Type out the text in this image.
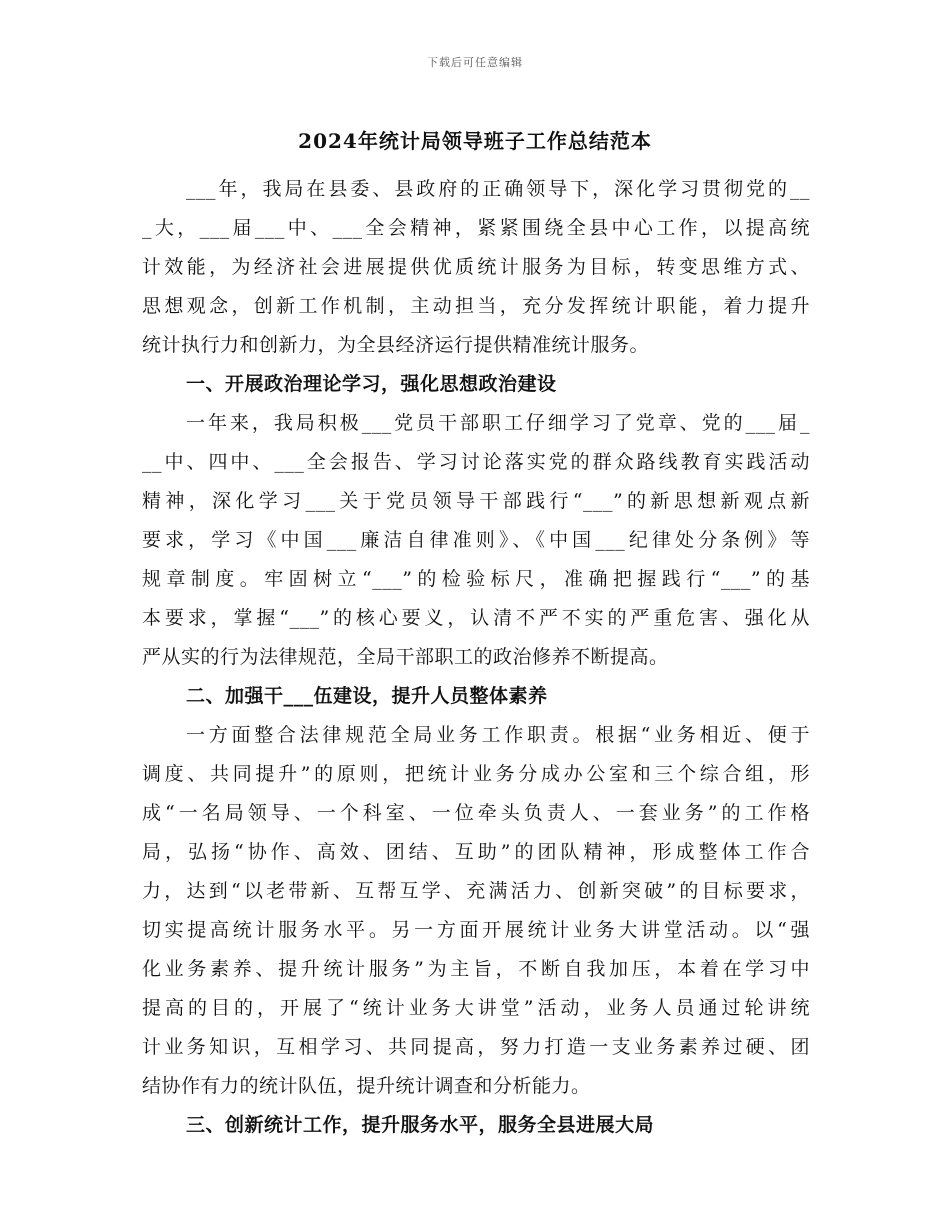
下载后可任意编辑
2024年统计局领导班子工作总结范本
___年，我局在县委、县政府的正确领导下，深化学习贯彻党的__
_大，___届___中、___全会精神，紧紧围绕全县中心工作，以提高统
计效能，为经济社会进展提供优质统计服务为目标，转变思维方式、
思想观念，创新工作机制，主动担当，充分发挥统计职能，着力提升
统计执行力和创新力，为全县经济运行提供精准统计服务。
一、开展政治理论学习，强化思想政治建设
一年来，我局积极___党员干部职工仔细学习了党章、党的___届_
__中、四中、___全会报告、学习讨论落实党的群众路线教育实践活动
精神，深化学习___关于党员领导干部践行“___”的新思想新观点新
要求，学习《中国___廉洁自律准则》、《中国___纪律处分条例》等
规章制度。牢固树立“___”的检验标尺，准确把握践行“___”的基
本要求，掌握“___”的核心要义，认清不严不实的严重危害、强化从
严从实的行为法律规范，全局干部职工的政治修养不断提高。
二、加强干___伍建设，提升人员整体素养
一方面整合法律规范全局业务工作职责。根据“业务相近、便于
调度、共同提升”的原则，把统计业务分成办公室和三个综合组，形
成“一名局领导、一个科室、一位牵头负责人、一套业务”的工作格
局，弘扬“协作、高效、团结、互助”的团队精神，形成整体工作合
力，达到“以老带新、互帮互学、充满活力、创新突破”的目标要求，
切实提高统计服务水平。另一方面开展统计业务大讲堂活动。以“强
化业务素养、提升统计服务”为主旨，不断自我加压，本着在学习中
提高的目的，开展了“统计业务大讲堂”活动，业务人员通过轮讲统
计业务知识，互相学习、共同提高，努力打造一支业务素养过硬、团
结协作有力的统计队伍，提升统计调查和分析能力。
三、创新统计工作，提升服务水平，服务全县进展大局
